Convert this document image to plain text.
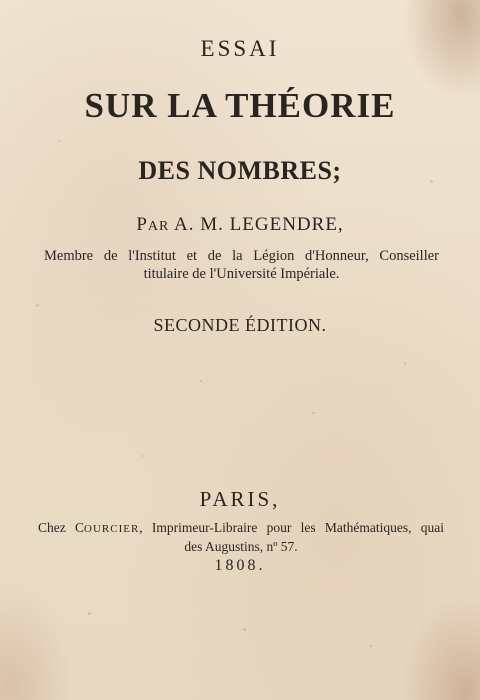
ESSAI
SUR LA THÉORIE
DES NOMBRES;
PAR A. M. LEGENDRE,
Membre de l'Institut et de la Légion d'Honneur, Conseiller
titulaire de l'Université Impériale.
SECONDE ÉDITION.
PARIS,
Chez COURCIER, Imprimeur-Libraire pour les Mathématiques, quai
des Augustins, nº 57.
1808.
